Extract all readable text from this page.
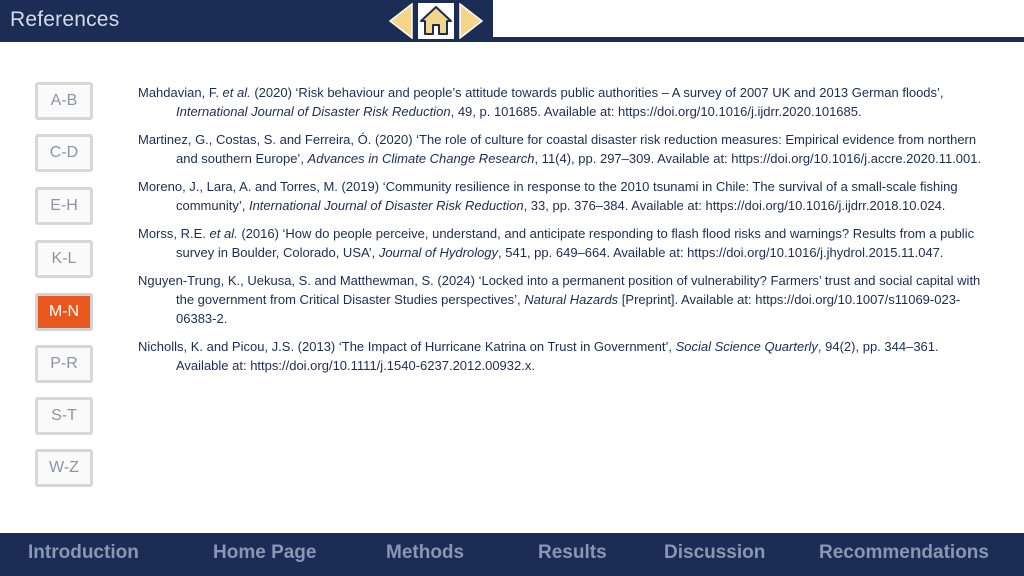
References
A-B
C-D
E-H
K-L
M-N
P-R
S-T
W-Z

Mahdavian, F. et al. (2020) ‘Risk behaviour and people’s attitude towards public authorities – A survey of 2007 UK and 2013 German floods’, International Journal of Disaster Risk Reduction, 49, p. 101685. Available at: https://doi.org/10.1016/j.ijdrr.2020.101685.

Martinez, G., Costas, S. and Ferreira, Ó. (2020) ‘The role of culture for coastal disaster risk reduction measures: Empirical evidence from northern and southern Europe’, Advances in Climate Change Research, 11(4), pp. 297–309. Available at: https://doi.org/10.1016/j.accre.2020.11.001.

Moreno, J., Lara, A. and Torres, M. (2019) ‘Community resilience in response to the 2010 tsunami in Chile: The survival of a small-scale fishing community’, International Journal of Disaster Risk Reduction, 33, pp. 376–384. Available at: https://doi.org/10.1016/j.ijdrr.2018.10.024.

Morss, R.E. et al. (2016) ‘How do people perceive, understand, and anticipate responding to flash flood risks and warnings? Results from a public survey in Boulder, Colorado, USA’, Journal of Hydrology, 541, pp. 649–664. Available at: https://doi.org/10.1016/j.jhydrol.2015.11.047.

Nguyen-Trung, K., Uekusa, S. and Matthewman, S. (2024) ‘Locked into a permanent position of vulnerability? Farmers’ trust and social capital with the government from Critical Disaster Studies perspectives’, Natural Hazards [Preprint]. Available at: https://doi.org/10.1007/s11069-023-06383-2.

Nicholls, K. and Picou, J.S. (2013) ‘The Impact of Hurricane Katrina on Trust in Government’, Social Science Quarterly, 94(2), pp. 344–361. Available at: https://doi.org/10.1111/j.1540-6237.2012.00932.x.

Introduction	Home Page	Methods	Results	Discussion	Recommendations
